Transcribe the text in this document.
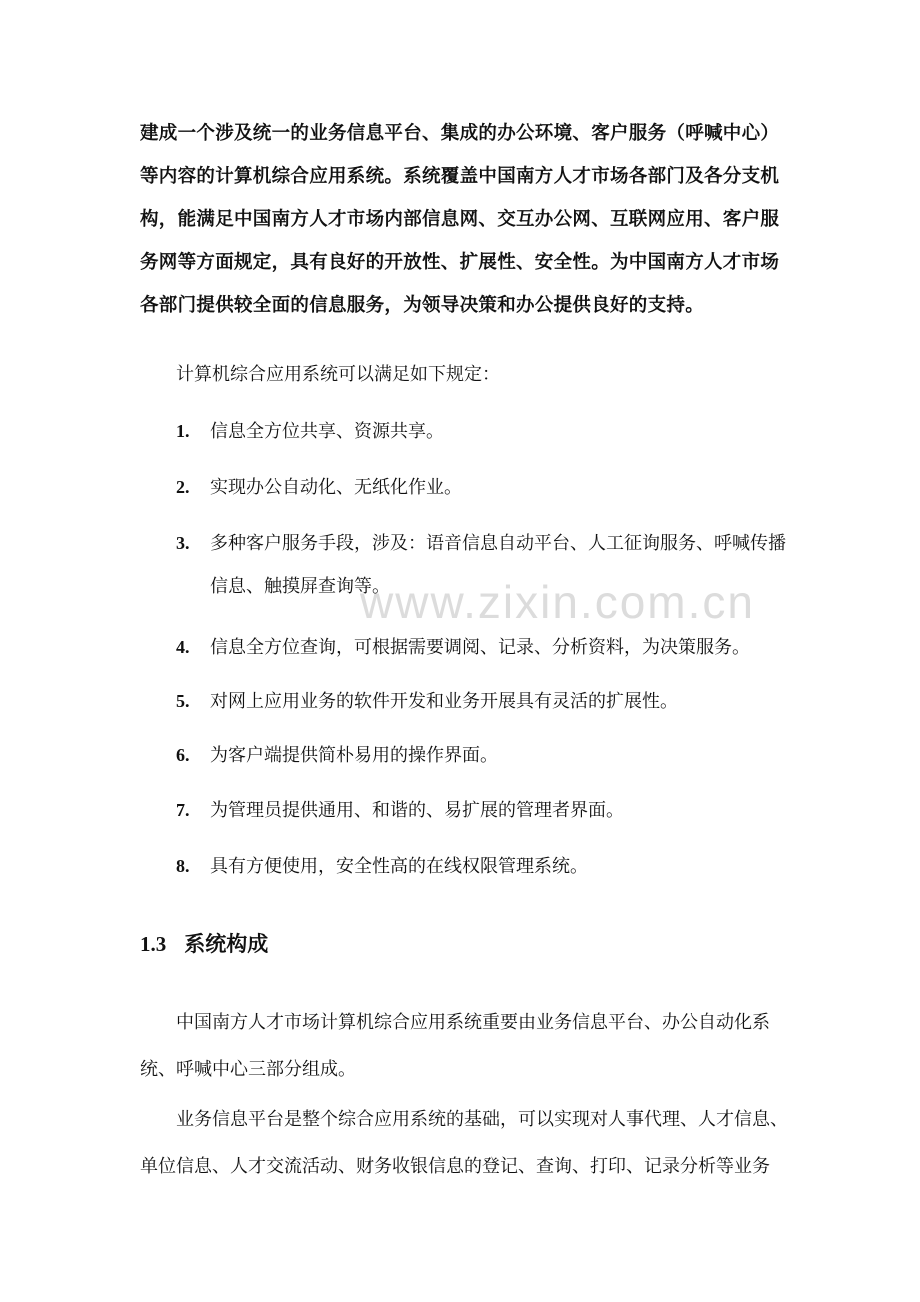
建成一个涉及统一的业务信息平台、集成的办公环境、客户服务（呼喊中心）等内容的计算机综合应用系统。系统覆盖中国南方人才市场各部门及各分支机构，能满足中国南方人才市场内部信息网、交互办公网、互联网应用、客户服务网等方面规定，具有良好的开放性、扩展性、安全性。为中国南方人才市场各部门提供较全面的信息服务，为领导决策和办公提供良好的支持。

计算机综合应用系统可以满足如下规定：

1. 信息全方位共享、资源共享。
2. 实现办公自动化、无纸化作业。
3. 多种客户服务手段，涉及：语音信息自动平台、人工征询服务、呼喊传播信息、触摸屏查询等。
4. 信息全方位查询，可根据需要调阅、记录、分析资料，为决策服务。
5. 对网上应用业务的软件开发和业务开展具有灵活的扩展性。
6. 为客户端提供简朴易用的操作界面。
7. 为管理员提供通用、和谐的、易扩展的管理者界面。
8. 具有方便使用，安全性高的在线权限管理系统。
www.zixin.com.cn
1.3 系统构成

中国南方人才市场计算机综合应用系统重要由业务信息平台、办公自动化系统、呼喊中心三部分组成。

业务信息平台是整个综合应用系统的基础，可以实现对人事代理、人才信息、单位信息、人才交流活动、财务收银信息的登记、查询、打印、记录分析等业务
